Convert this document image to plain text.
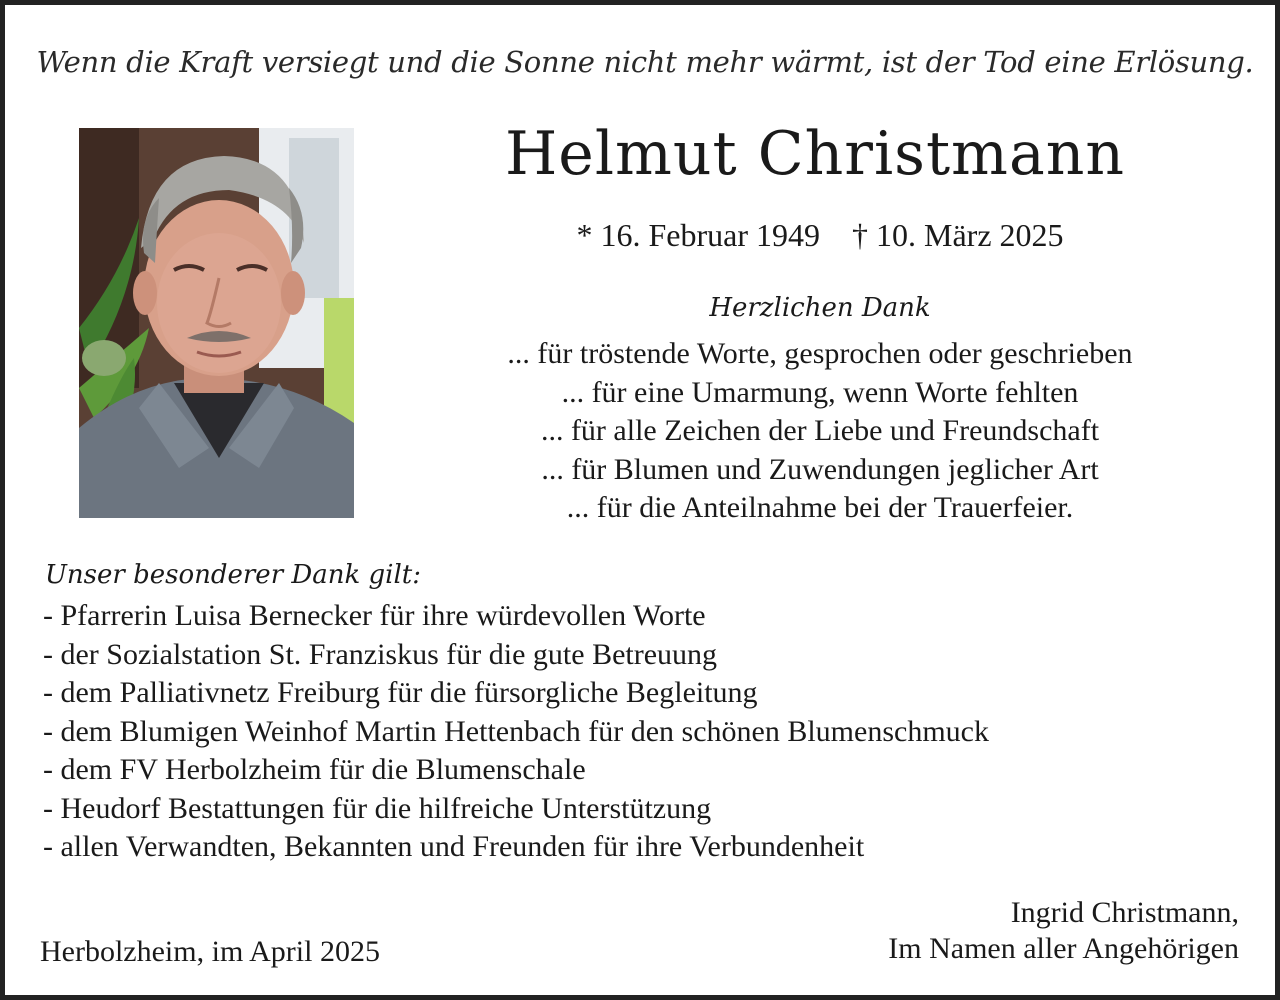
Wenn die Kraft versiegt und die Sonne nicht mehr wärmt, ist der Tod eine Erlösung.
Helmut Christmann
* 16. Februar 1949 † 10. März 2025
Herzlichen Dank
... für tröstende Worte, gesprochen oder geschrieben
... für eine Umarmung, wenn Worte fehlten
... für alle Zeichen der Liebe und Freundschaft
... für Blumen und Zuwendungen jeglicher Art
... für die Anteilnahme bei der Trauerfeier.
Unser besonderer Dank gilt:
- Pfarrerin Luisa Bernecker für ihre würdevollen Worte
- der Sozialstation St. Franziskus für die gute Betreuung
- dem Palliativnetz Freiburg für die fürsorgliche Begleitung
- dem Blumigen Weinhof Martin Hettenbach für den schönen Blumenschmuck
- dem FV Herbolzheim für die Blumenschale
- Heudorf Bestattungen für die hilfreiche Unterstützung
- allen Verwandten, Bekannten und Freunden für ihre Verbundenheit
Herbolzheim, im April 2025
Ingrid Christmann,
Im Namen aller Angehörigen
